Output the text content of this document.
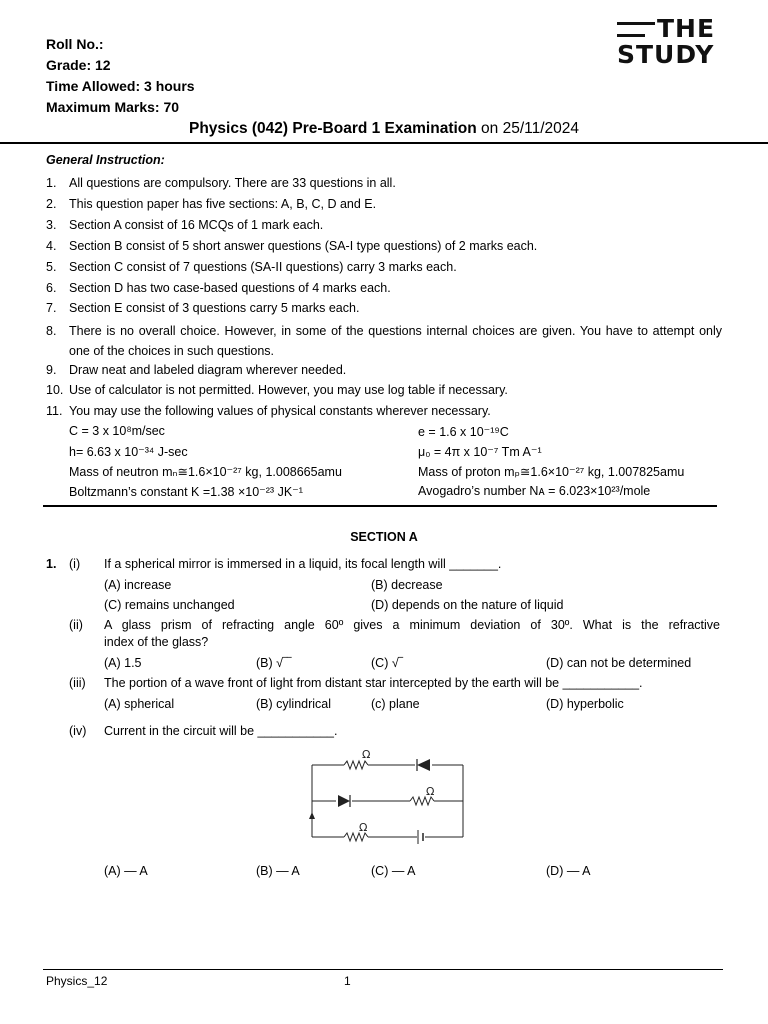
Roll No.:
Grade: 12
Time Allowed: 3 hours
Maximum Marks: 70
THE
STUDY
Physics (042) Pre-Board 1 Examination on 25/11/2024
General Instruction:
1.	All questions are compulsory. There are 33 questions in all.
2.	This question paper has five sections: A, B, C, D and E.
3.	Section A consist of 16 MCQs of 1 mark each.
4.	Section B consist of 5 short answer questions (SA-I type questions) of 2 marks each.
5.	Section C consist of 7 questions (SA-II questions) carry 3 marks each.
6.	Section D has two case-based questions of 4 marks each.
7.	Section E consist of 3 questions carry 5 marks each.
8.	There is no overall choice. However, in some of the questions internal choices are given. You have to attempt only one of the choices in such questions.
9.	Draw neat and labeled diagram wherever needed.
10. Use of calculator is not permitted. However, you may use log table if necessary.
11. You may use the following values of physical constants wherever necessary.
C = 3 x 10⁸m/sec	e = 1.6 x 10⁻¹⁹C
h= 6.63 x 10⁻³⁴ J-sec	μ₀ = 4π x 10⁻⁷ Tm A⁻¹
Mass of neutron mₙ≅1.6×10⁻²⁷ kg, 1.008665amu	Mass of proton mₚ≅1.6×10⁻²⁷ kg, 1.007825amu
Boltzmann’s constant K =1.38 ×10⁻²³ JK⁻¹	Avogadro’s number Nᴀ = 6.023×10²³/mole
SECTION A
1. (i) If a spherical mirror is immersed in a liquid, its focal length will _______.
(A) increase	(B) decrease
(C) remains unchanged	(D) depends on the nature of liquid
(ii) A glass prism of refracting angle 60º gives a minimum deviation of 30º. What is the refractive
index of the glass?
(A) 1.5	(B) √‾‾	(C) √‾	(D) can not be determined
(iii) The portion of a wave front of light from distant star intercepted by the earth will be ___________.
(A) spherical	(B) cylindrical	(c) plane	(D) hyperbolic
(iv) Current in the circuit will be ___________.
Ω
Ω
Ω
(A) — A	(B) — A	(C) — A	(D) — A
Physics_12	1
